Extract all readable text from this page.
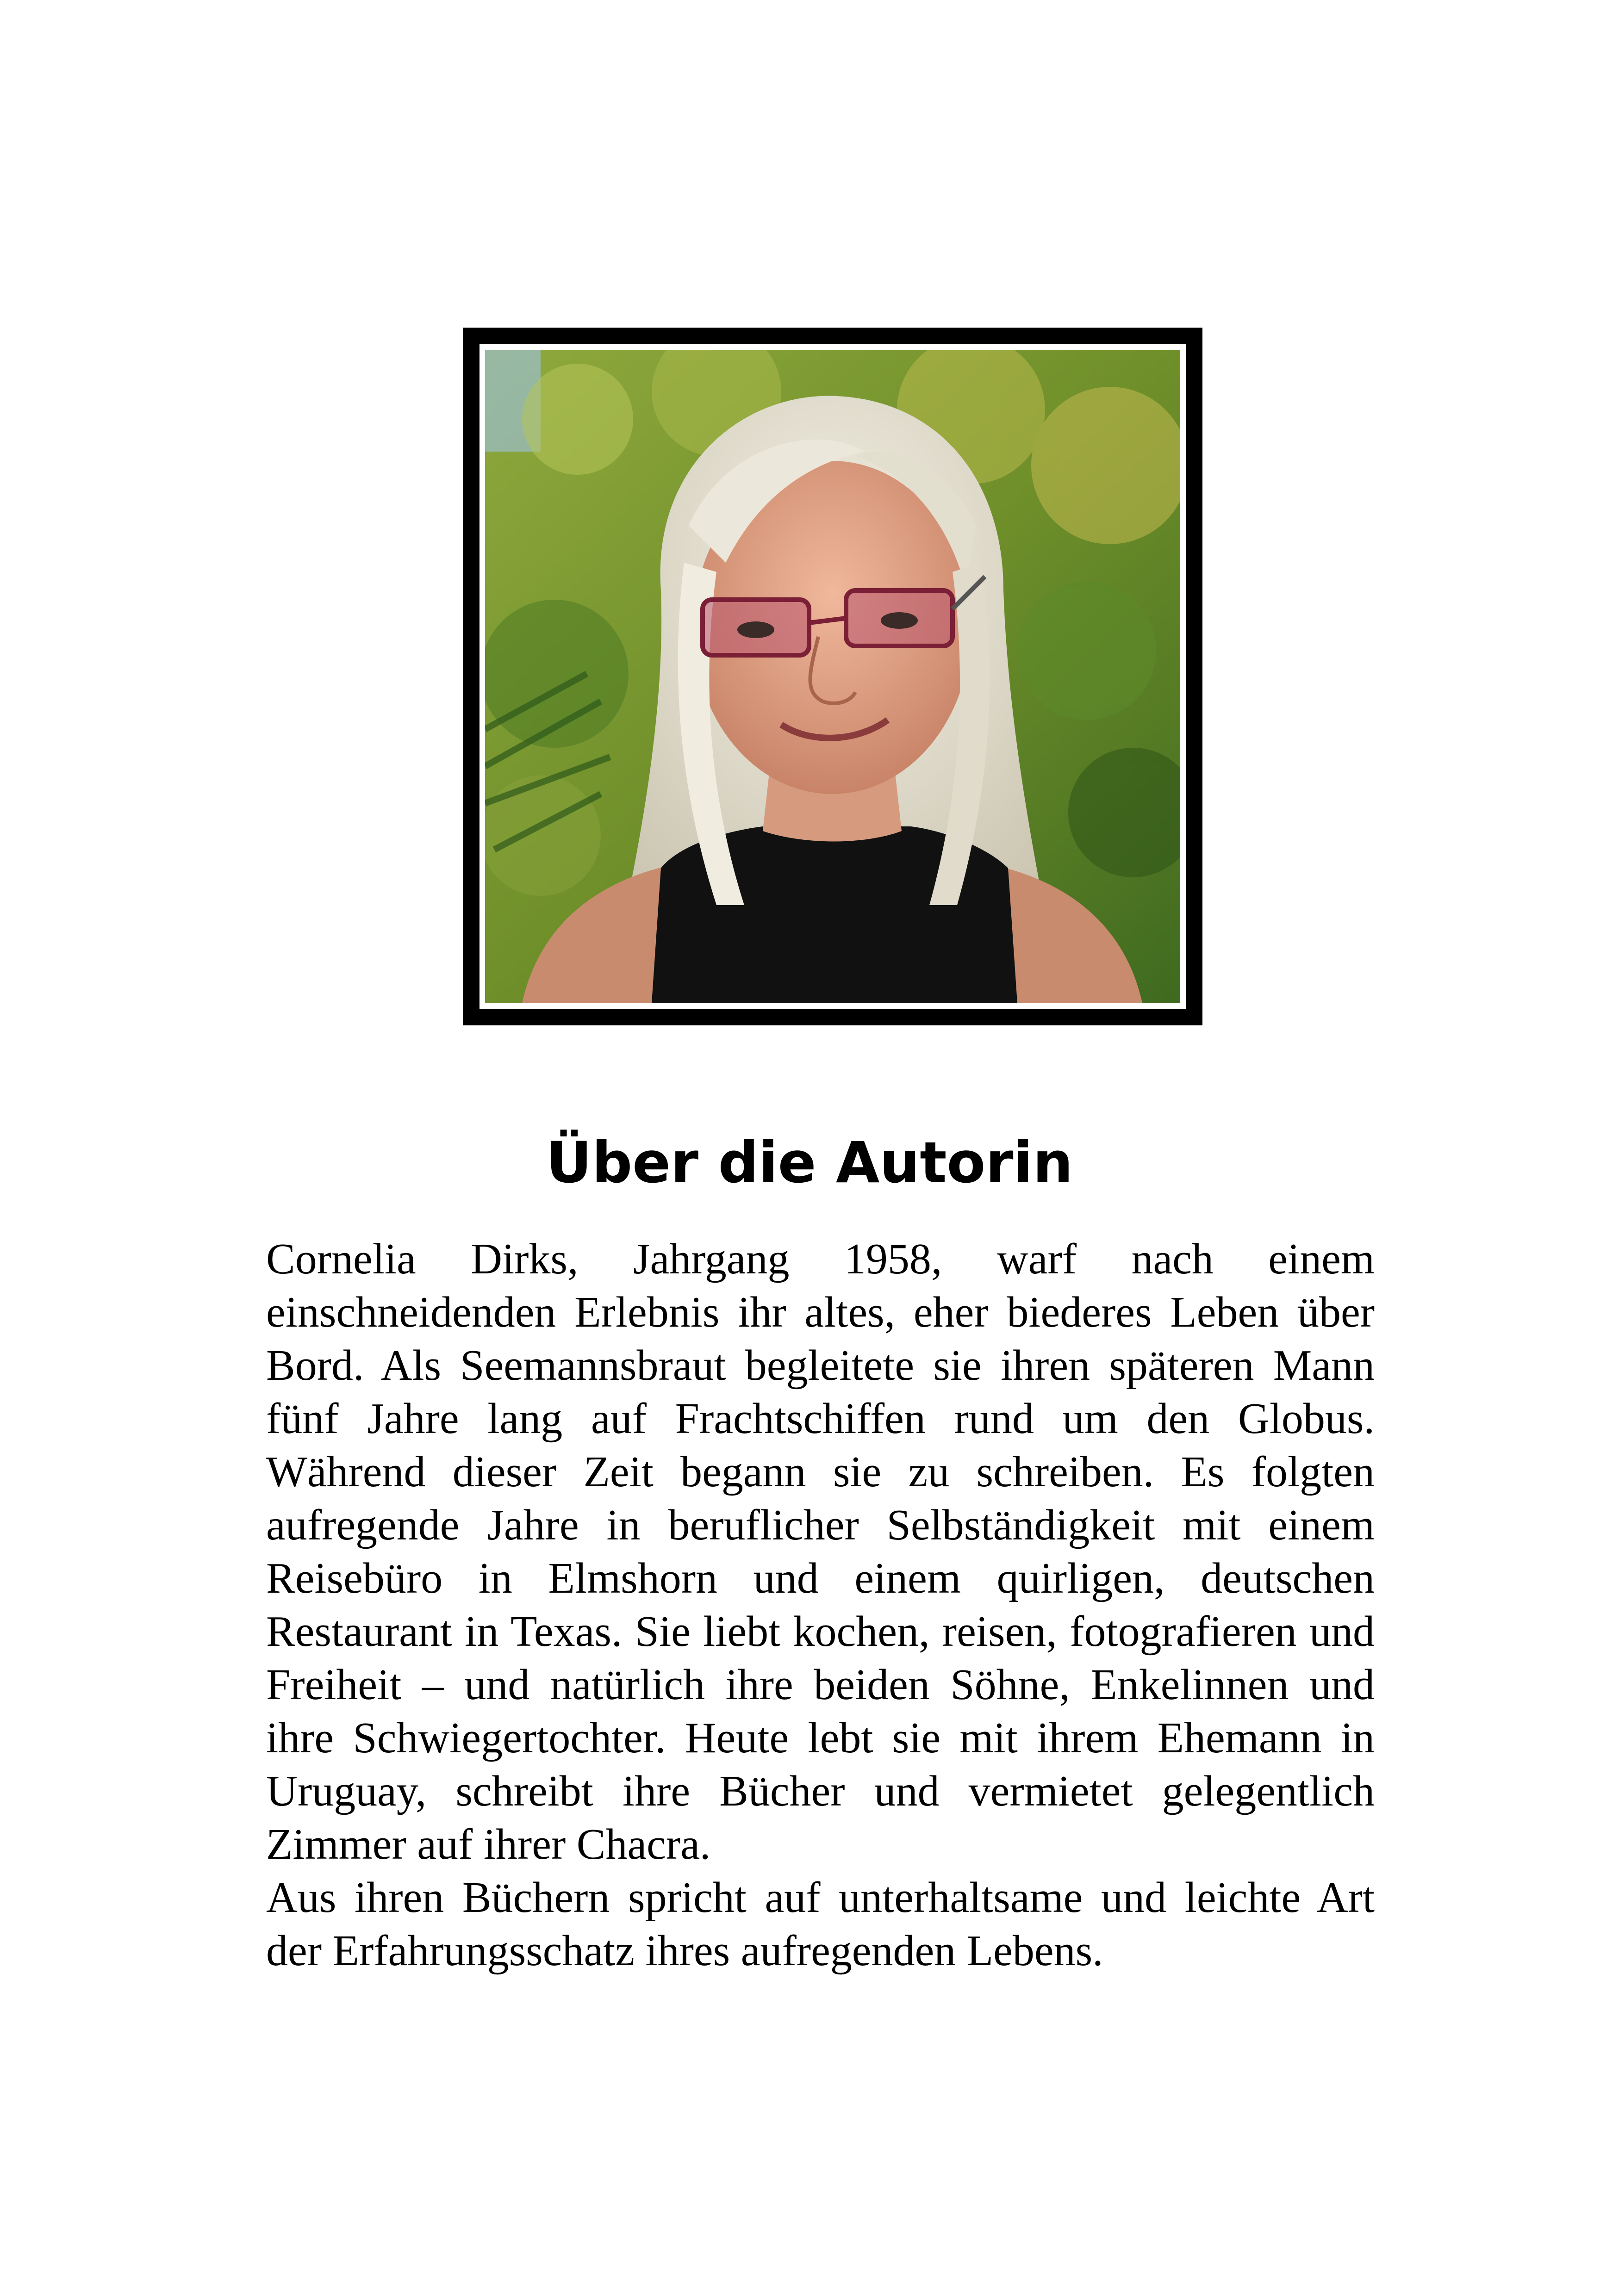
Über die Autorin

Cornelia Dirks, Jahrgang 1958, warf nach einem einschneidenden Erlebnis ihr altes, eher biederes Leben über Bord. Als Seemannsbraut begleitete sie ihren späteren Mann fünf Jahre lang auf Frachtschiffen rund um den Globus. Während dieser Zeit begann sie zu schreiben. Es folgten aufregende Jahre in beruflicher Selbständigkeit mit einem Reisebüro in Elmshorn und einem quirligen, deutschen Restaurant in Texas. Sie liebt kochen, reisen, fotografieren und Freiheit – und natürlich ihre beiden Söhne, Enkelinnen und ihre Schwiegertochter. Heute lebt sie mit ihrem Ehemann in Uruguay, schreibt ihre Bücher und vermietet gelegentlich Zimmer auf ihrer Chacra.

Aus ihren Büchern spricht auf unterhaltsame und leichte Art der Erfahrungsschatz ihres aufregenden Lebens.
